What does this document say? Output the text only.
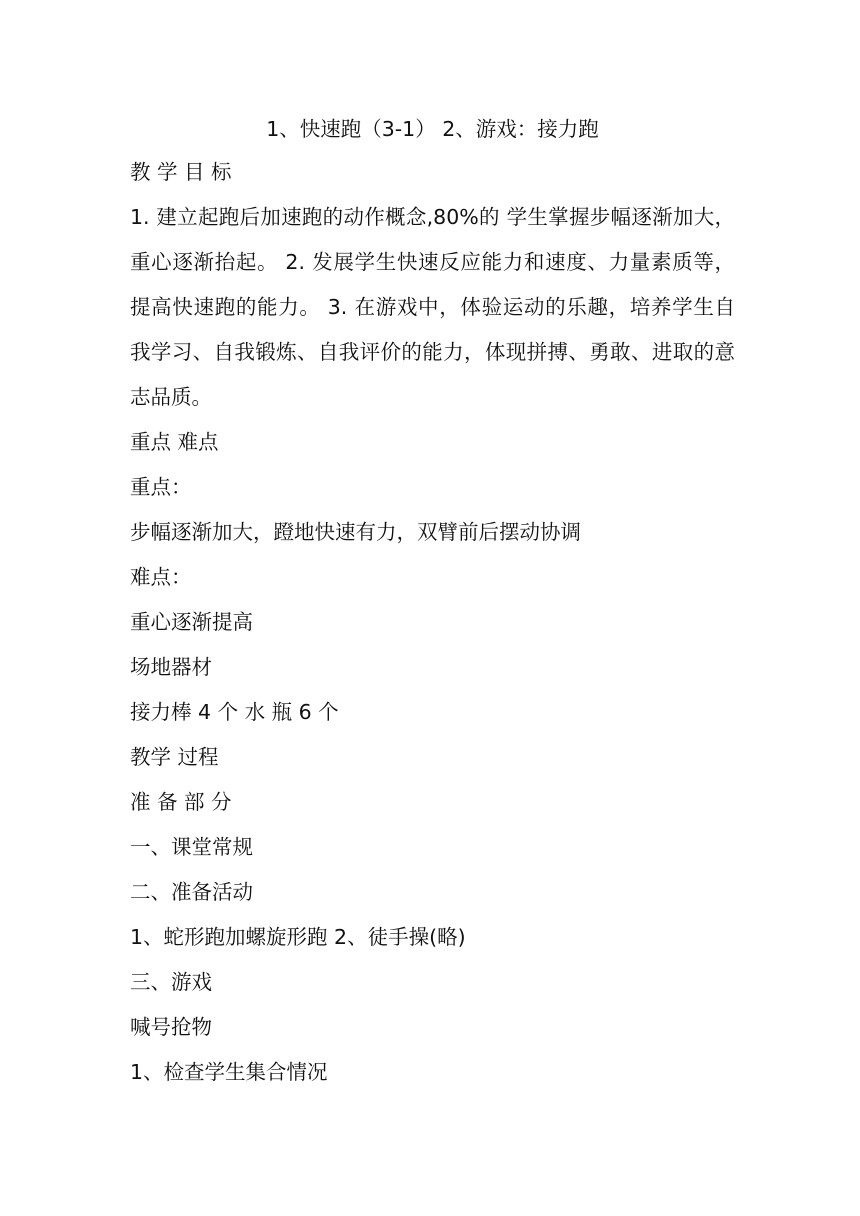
1、快速跑（3-1） 2、游戏：接力跑

教 学 目 标

1. 建立起跑后加速跑的动作概念,80%的 学生掌握步幅逐渐加大，重心逐渐抬起。 2. 发展学生快速反应能力和速度、力量素质等，提高快速跑的能力。 3. 在游戏中，体验运动的乐趣，培养学生自我学习、自我锻炼、自我评价的能力，体现拼搏、勇敢、进取的意志品质。

重点 难点

重点：

步幅逐渐加大，蹬地快速有力，双臂前后摆动协调

难点：

重心逐渐提高

场地器材

接力棒 4 个 水 瓶 6 个

教学 过程

准 备 部 分

一、课堂常规

二、准备活动

1、蛇形跑加螺旋形跑 2、徒手操(略)

三、游戏

喊号抢物

1、检查学生集合情况
